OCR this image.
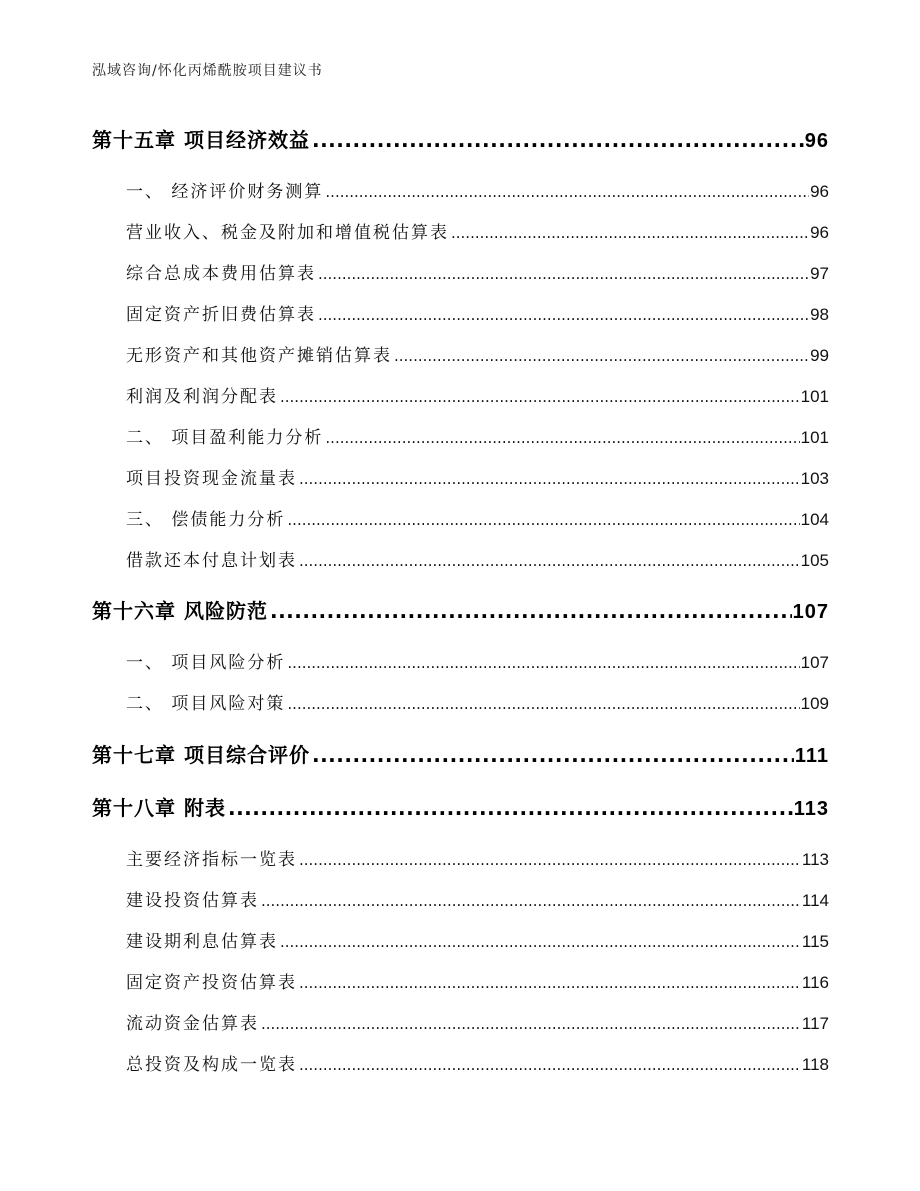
泓域咨询/怀化丙烯酰胺项目建议书
第十五章 项目经济效益 .....	96
一、 经济评价财务测算 .....	96
营业收入、税金及附加和增值税估算表 .....	96
综合总成本费用估算表 .....	97
固定资产折旧费估算表 .....	98
无形资产和其他资产摊销估算表 .....	99
利润及利润分配表 .....	101
二、 项目盈利能力分析 .....	101
项目投资现金流量表 .....	103
三、 偿债能力分析 .....	104
借款还本付息计划表 .....	105
第十六章 风险防范 .....	107
一、 项目风险分析 .....	107
二、 项目风险对策 .....	109
第十七章 项目综合评价 .....	111
第十八章 附表 .....	113
主要经济指标一览表 .....	113
建设投资估算表 .....	114
建设期利息估算表 .....	115
固定资产投资估算表 .....	116
流动资金估算表 .....	117
总投资及构成一览表 .....	118
